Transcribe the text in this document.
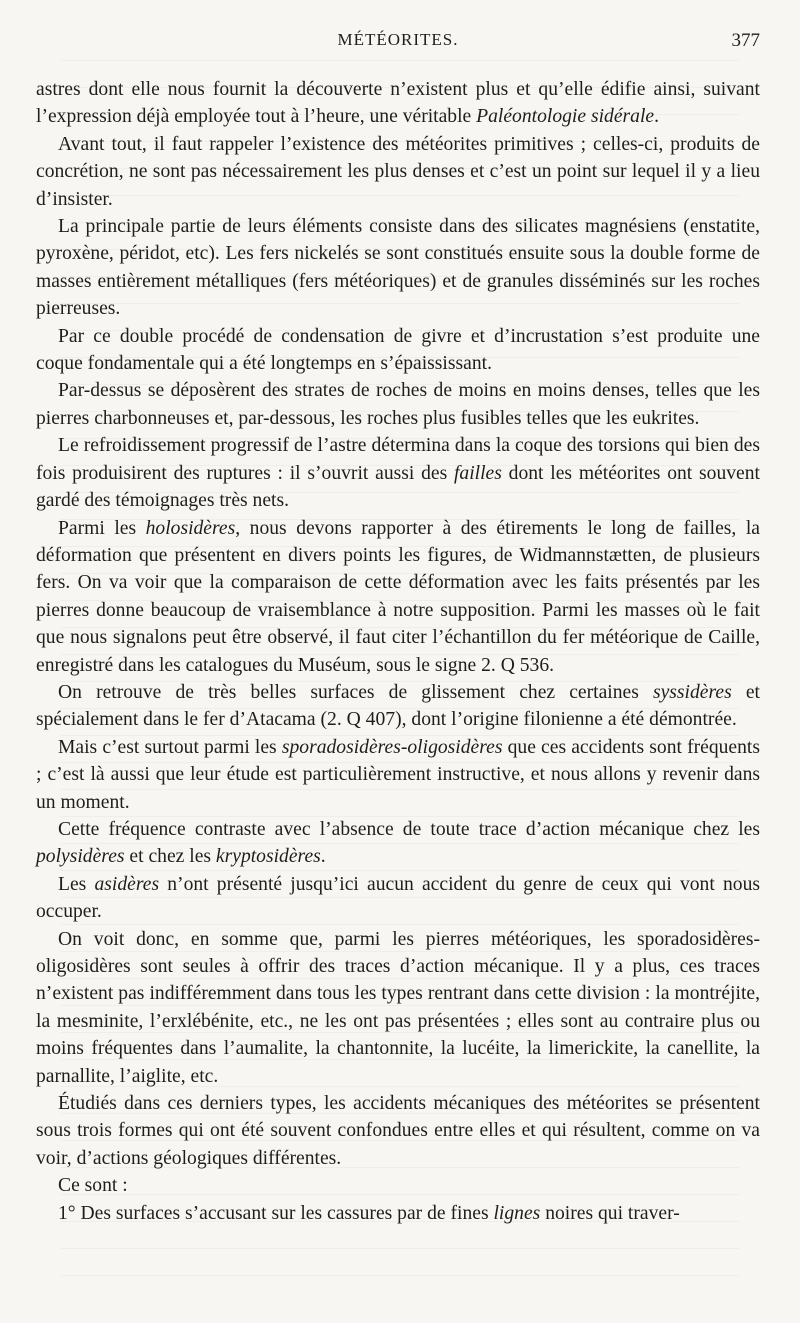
MÉTÉORITES.	377

astres dont elle nous fournit la découverte n’existent plus et qu’elle édifie ainsi, suivant l’expression déjà employée tout à l’heure, une véritable Paléontologie sidérale.

Avant tout, il faut rappeler l’existence des météorites primitives ; celles-ci, produits de concrétion, ne sont pas nécessairement les plus denses et c’est un point sur lequel il y a lieu d’insister.

La principale partie de leurs éléments consiste dans des silicates magnésiens (enstatite, pyroxène, péridot, etc). Les fers nickelés se sont constitués ensuite sous la double forme de masses entièrement métalliques (fers météoriques) et de granules disséminés sur les roches pierreuses.

Par ce double procédé de condensation de givre et d’incrustation s’est produite une coque fondamentale qui a été longtemps en s’épaississant.

Par-dessus se déposèrent des strates de roches de moins en moins denses, telles que les pierres charbonneuses et, par-dessous, les roches plus fusibles telles que les eukrites.

Le refroidissement progressif de l’astre détermina dans la coque des torsions qui bien des fois produisirent des ruptures : il s’ouvrit aussi des failles dont les météorites ont souvent gardé des témoignages très nets.

Parmi les holosidères, nous devons rapporter à des étirements le long de failles, la déformation que présentent en divers points les figures, de Widmannstætten, de plusieurs fers. On va voir que la comparaison de cette déformation avec les faits présentés par les pierres donne beaucoup de vraisemblance à notre supposition. Parmi les masses où le fait que nous signalons peut être observé, il faut citer l’échantillon du fer météorique de Caille, enregistré dans les catalogues du Muséum, sous le signe 2. Q 536.

On retrouve de très belles surfaces de glissement chez certaines syssidères et spécialement dans le fer d’Atacama (2. Q 407), dont l’origine filonienne a été démontrée.

Mais c’est surtout parmi les sporadosidères-oligosidères que ces accidents sont fréquents ; c’est là aussi que leur étude est particulièrement instructive, et nous allons y revenir dans un moment.

Cette fréquence contraste avec l’absence de toute trace d’action mécanique chez les polysidères et chez les kryptosidères.

Les asidères n’ont présenté jusqu’ici aucun accident du genre de ceux qui vont nous occuper.

On voit donc, en somme que, parmi les pierres météoriques, les sporadosidères-oligosidères sont seules à offrir des traces d’action mécanique. Il y a plus, ces traces n’existent pas indifféremment dans tous les types rentrant dans cette division : la montréjite, la mesminite, l’erxlébénite, etc., ne les ont pas présentées ; elles sont au contraire plus ou moins fréquentes dans l’aumalite, la chantonnite, la lucéite, la limerickite, la canellite, la parnallite, l’aiglite, etc.

Étudiés dans ces derniers types, les accidents mécaniques des météorites se présentent sous trois formes qui ont été souvent confondues entre elles et qui résultent, comme on va voir, d’actions géologiques différentes.

Ce sont :

1° Des surfaces s’accusant sur les cassures par de fines lignes noires qui traver-
